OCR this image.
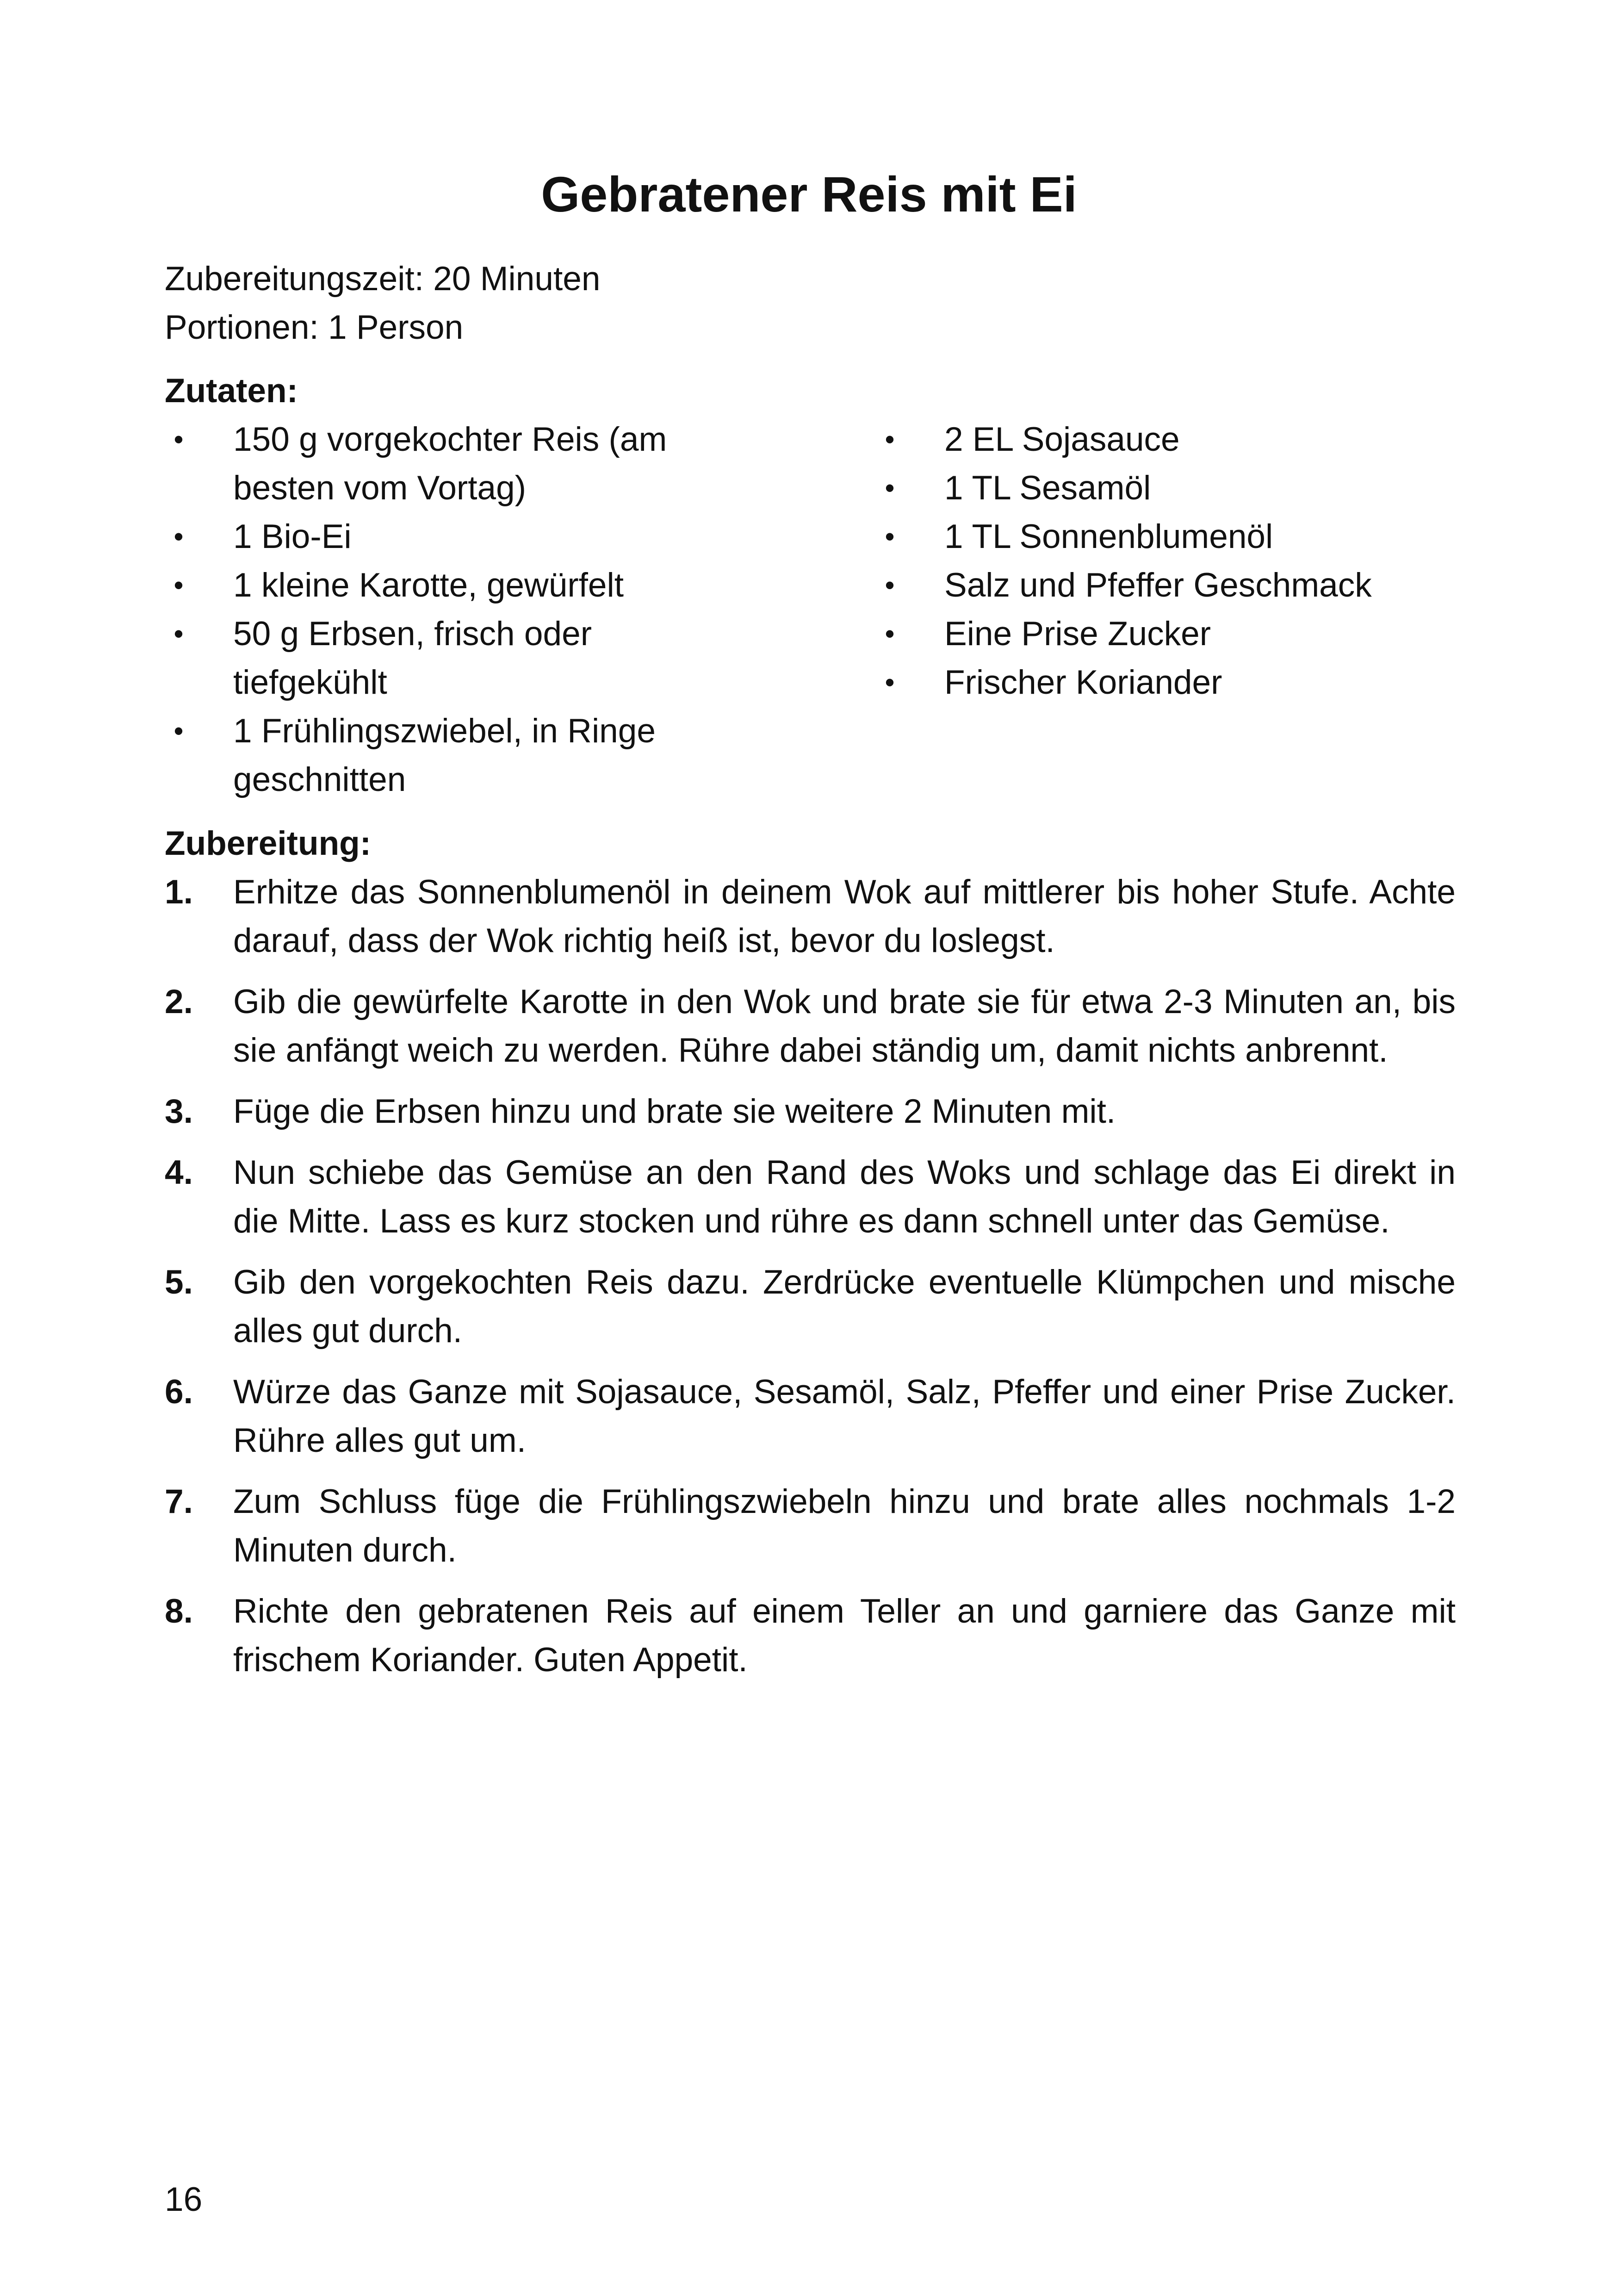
Gebratener Reis mit Ei
Zubereitungszeit: 20 Minuten
Portionen: 1 Person
Zutaten:
• 150 g vorgekochter Reis (am besten vom Vortag)
• 1 Bio-Ei
• 1 kleine Karotte, gewürfelt
• 50 g Erbsen, frisch oder tiefgekühlt
• 1 Frühlingszwiebel, in Ringe geschnitten
• 2 EL Sojasauce
• 1 TL Sesamöl
• 1 TL Sonnenblumenöl
• Salz und Pfeffer Geschmack
• Eine Prise Zucker
• Frischer Koriander
Zubereitung:
1. Erhitze das Sonnenblumenöl in deinem Wok auf mittlerer bis hoher Stufe. Achte darauf, dass der Wok richtig heiß ist, bevor du loslegst.
2. Gib die gewürfelte Karotte in den Wok und brate sie für etwa 2-3 Minuten an, bis sie anfängt weich zu werden. Rühre dabei ständig um, damit nichts anbrennt.
3. Füge die Erbsen hinzu und brate sie weitere 2 Minuten mit.
4. Nun schiebe das Gemüse an den Rand des Woks und schlage das Ei direkt in die Mitte. Lass es kurz stocken und rühre es dann schnell unter das Gemüse.
5. Gib den vorgekochten Reis dazu. Zerdrücke eventuelle Klümpchen und mische alles gut durch.
6. Würze das Ganze mit Sojasauce, Sesamöl, Salz, Pfeffer und einer Prise Zucker. Rühre alles gut um.
7. Zum Schluss füge die Frühlingszwiebeln hinzu und brate alles nochmals 1-2 Minuten durch.
8. Richte den gebratenen Reis auf einem Teller an und garniere das Ganze mit frischem Koriander. Guten Appetit.
16
